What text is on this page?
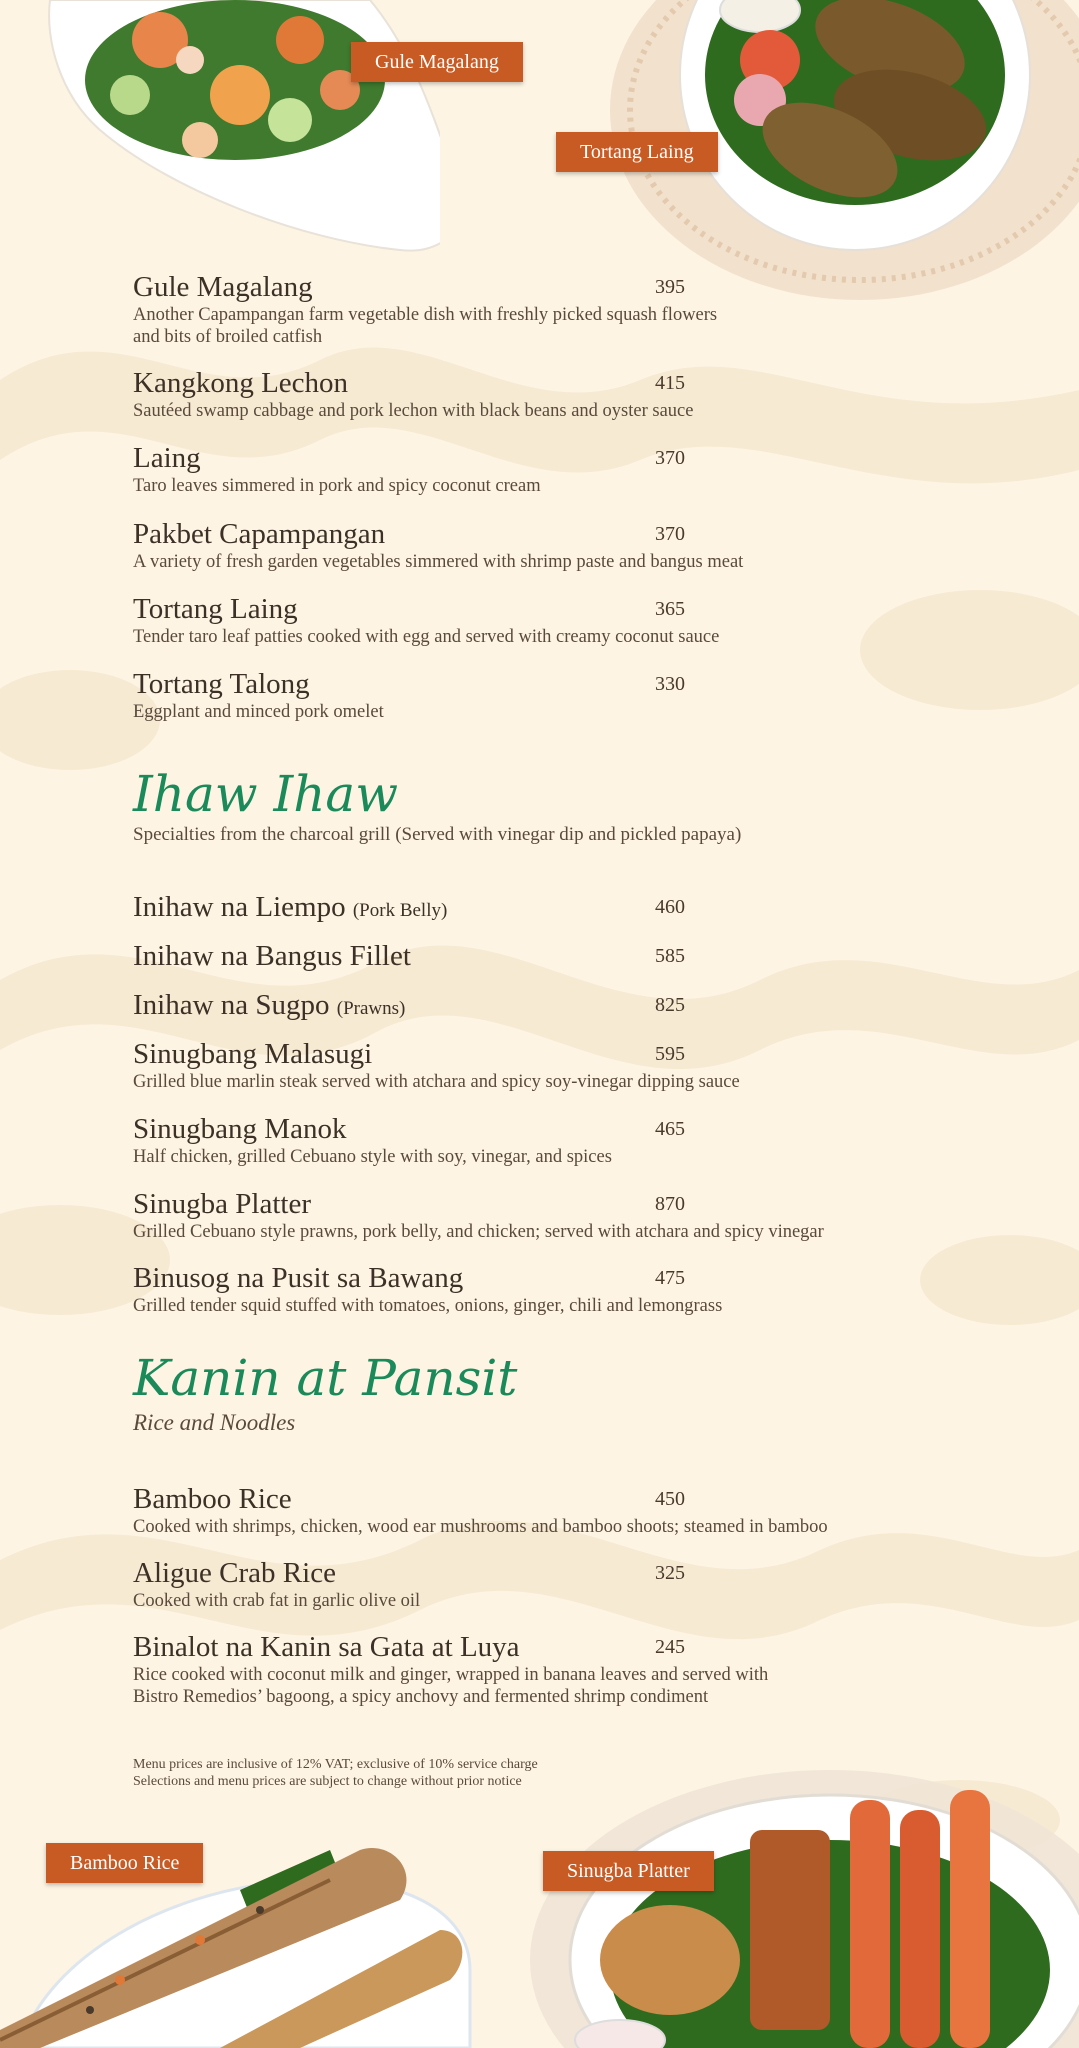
Gule Magalang
Tortang Laing
Bamboo Rice	Sinugba Platter
Gule Magalang	395
Another Capampangan farm vegetable dish with freshly picked squash flowers
and bits of broiled catfish
Kangkong Lechon	415
Sautéed swamp cabbage and pork lechon with black beans and oyster sauce
Laing	370
Taro leaves simmered in pork and spicy coconut cream
Pakbet Capampangan	370
A variety of fresh garden vegetables simmered with shrimp paste and bangus meat
Tortang Laing	365
Tender taro leaf patties cooked with egg and served with creamy coconut sauce
Tortang Talong	330
Eggplant and minced pork omelet
Ihaw Ihaw
Specialties from the charcoal grill (Served with vinegar dip and pickled papaya)
Inihaw na Liempo (Pork Belly)	460
Inihaw na Bangus Fillet	585
Inihaw na Sugpo (Prawns)	825
Sinugbang Malasugi	595
Grilled blue marlin steak served with atchara and spicy soy-vinegar dipping sauce
Sinugbang Manok	465
Half chicken, grilled Cebuano style with soy, vinegar, and spices
Sinugba Platter	870
Grilled Cebuano style prawns, pork belly, and chicken; served with atchara and spicy vinegar
Binusog na Pusit sa Bawang	475
Grilled tender squid stuffed with tomatoes, onions, ginger, chili and lemongrass
Kanin at Pansit
Rice and Noodles
Bamboo Rice	450
Cooked with shrimps, chicken, wood ear mushrooms and bamboo shoots; steamed in bamboo
Aligue Crab Rice	325
Cooked with crab fat in garlic olive oil
Binalot na Kanin sa Gata at Luya	245
Rice cooked with coconut milk and ginger, wrapped in banana leaves and served with
Bistro Remedios’ bagoong, a spicy anchovy and fermented shrimp condiment
Menu prices are inclusive of 12% VAT; exclusive of 10% service charge
Selections and menu prices are subject to change without prior notice
